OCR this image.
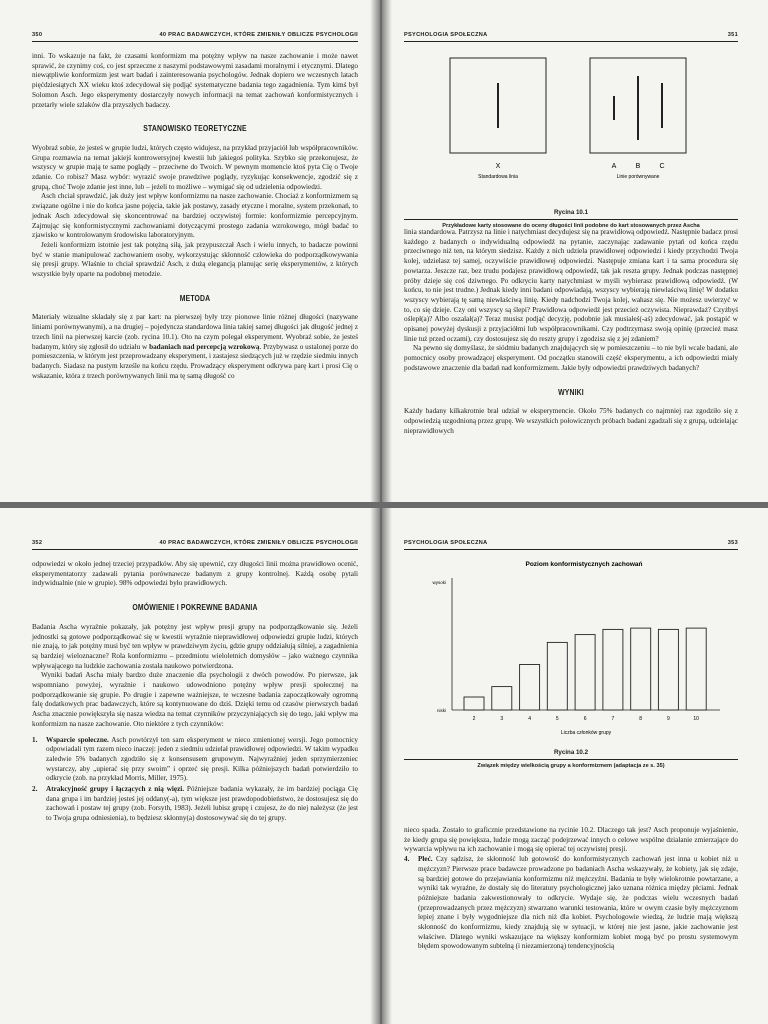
350	40 PRAC BADAWCZYCH, KTÓRE ZMIENIŁY OBLICZE PSYCHOLOGII

inni. To wskazuje na fakt, że czasami konformizm ma potężny wpływ na nasze zachowanie i może nawet sprawić, że czynimy coś, co jest sprzeczne z naszymi podstawowymi zasadami moralnymi i etycznymi. Dlatego niewątpliwie konformizm jest wart badań i zainteresowania psychologów. Jednak dopiero we wczesnych latach pięćdziesiątych XX wieku ktoś zdecydował się podjąć systematyczne badania tego zagadnienia. Tym kimś był Solomon Asch. Jego eksperymenty dostarczyły nowych informacji na temat zachowań konformistycznych i przetarły wiele szlaków dla przyszłych badaczy.

STANOWISKO TEORETYCZNE

Wyobraź sobie, że jesteś w grupie ludzi, których często widujesz, na przykład przyjaciół lub współpracowników. Grupa rozmawia na temat jakiejś kontrowersyjnej kwestii lub jakiegoś polityka. Szybko się przekonujesz, że wszyscy w grupie mają te same poglądy – przeciwne do Twoich. W pewnym momencie ktoś pyta Cię o Twoje zdanie. Co robisz? Masz wybór: wyrazić swoje prawdziwe poglądy, ryzykując konsekwencje, zgodzić się z grupą, choć Twoje zdanie jest inne, lub – jeżeli to możliwe – wymigać się od udzielenia odpowiedzi.

Asch chciał sprawdzić, jak duży jest wpływ konformizmu na nasze zachowanie. Chociaż z konformizmem są związane ogólne i nie do końca jasne pojęcia, takie jak postawy, zasady etyczne i moralne, system przekonań, to jednak Asch zdecydował się skoncentrować na bardziej oczywistej formie: konformizmie percepcyjnym. Zajmując się konformistycznymi zachowaniami dotyczącymi prostego zadania wzrokowego, mógł badać to zjawisko w kontrolowanym środowisku laboratoryjnym.

Jeżeli konformizm istotnie jest tak potężną siłą, jak przypuszczał Asch i wielu innych, to badacze powinni być w stanie manipulować zachowaniem osoby, wykorzystując skłonność człowieka do podporządkowywania się presji grupy. Właśnie to chciał sprawdzić Asch, z dużą elegancją planując serię eksperymentów, z których wszystkie były oparte na podobnej metodzie.

METODA

Materiały wizualne składały się z par kart: na pierwszej były trzy pionowe linie różnej długości (nazywane liniami porównywanymi), a na drugiej – pojedyncza standardowa linia takiej samej długości jak długość jednej z trzech linii na pierwszej karcie (zob. rycina 10.1). Oto na czym polegał eksperyment. Wyobraź sobie, że jesteś badanym, który się zgłosił do udziału w badaniach nad percepcją wzrokową. Przybywasz o ustalonej porze do pomieszczenia, w którym jest przeprowadzany eksperyment, i zastajesz siedzących już w rzędzie siedmiu innych badanych. Siadasz na pustym krześle na końcu rzędu. Prowadzący eksperyment odkrywa parę kart i prosi Cię o wskazanie, która z trzech porównywanych linii ma tę samą długość co

PSYCHOLOGIA SPOŁECZNA	351
X
Standardowa linia
A	B	C
Linie porównywane
Rycina 10.1
Przykładowe karty stosowane do oceny długości linii podobne do kart stosowanych przez Ascha

linia standardowa. Patrzysz na linie i natychmiast decydujesz się na prawidłową odpowiedź. Następnie badacz prosi każdego z badanych o indywidualną odpowiedź na pytanie, zaczynając zadawanie pytań od końca rzędu przeciwnego niż ten, na którym siedzisz. Każdy z nich udziela prawidłowej odpowiedzi i kiedy przychodzi Twoja kolej, udzielasz tej samej, oczywiście prawidłowej odpowiedzi. Następuje zmiana kart i ta sama procedura się powtarza. Jeszcze raz, bez trudu podajesz prawidłową odpowiedź, tak jak reszta grupy. Jednak podczas następnej próby dzieje się coś dziwnego. Po odkryciu karty natychmiast w myśli wybierasz prawidłową odpowiedź. (W końcu, to nie jest trudne.) Jednak kiedy inni badani odpowiadają, wszyscy wybierają niewłaściwą linię! W dodatku wszyscy wybierają tę samą niewłaściwą linię. Kiedy nadchodzi Twoja kolej, wahasz się. Nie możesz uwierzyć w to, co się dzieje. Czy oni wszyscy są ślepi? Prawidłowa odpowiedź jest przecież oczywista. Nieprawdaż? Czyżbyś oślepł(a)? Albo oszalał(a)? Teraz musisz podjąć decyzję, podobnie jak musiałeś(-aś) zdecydować, jak postąpić w opisanej powyżej dyskusji z przyjaciółmi lub współpracownikami. Czy podtrzymasz swoją opinię (przecież masz linie tuż przed oczami), czy dostosujesz się do reszty grupy i zgodzisz się z jej zdaniem?

Na pewno się domyślasz, że siódmiu badanych znajdujących się w pomieszczeniu – to nie byli wcale badani, ale pomocnicy osoby prowadzącej eksperyment. Od początku stanowili część eksperymentu, a ich odpowiedzi miały podstawowe znaczenie dla badań nad konformizmem. Jakie były odpowiedzi prawdziwych badanych?

WYNIKI

Każdy badany kilkakrotnie brał udział w eksperymencie. Około 75% badanych co najmniej raz zgodziło się z odpowiedzią uzgodnioną przez grupę. We wszystkich połowicznych próbach badani zgadzali się z grupą, udzielając nieprawidłowych

352	40 PRAC BADAWCZYCH, KTÓRE ZMIENIŁY OBLICZE PSYCHOLOGII

odpowiedzi w około jednej trzeciej przypadków. Aby się upewnić, czy długości linii można prawidłowo ocenić, eksperymentatorzy zadawali pytania porównawcze badanym z grupy kontrolnej. Każdą osobę pytali indywidualnie (nie w grupie). 98% odpowiedzi było prawidłowych.

OMÓWIENIE I POKREWNE BADANIA

Badania Ascha wyraźnie pokazały, jak potężny jest wpływ presji grupy na podporządkowanie się. Jeżeli jednostki są gotowe podporządkować się w kwestii wyraźnie nieprawidłowej odpowiedzi grupie ludzi, których nie znają, to jak potężny musi być ten wpływ w prawdziwym życiu, gdzie grupy oddziałują silniej, a zagadnienia są bardziej wieloznaczne? Rola konformizmu – przedmiotu wieloletnich domysłów – jako ważnego czynnika wpływającego na ludzkie zachowania została naukowo potwierdzona.

Wyniki badań Ascha miały bardzo duże znaczenie dla psychologii z dwóch powodów. Po pierwsze, jak wspomniano powyżej, wyraźnie i naukowo udowodniono potężny wpływ presji społecznej na podporządkowanie się grupie. Po drugie i zapewne ważniejsze, te wczesne badania zapoczątkowały ogromną falę dodatkowych prac badawczych, które są kontynuowane do dziś. Dzięki temu od czasów pierwszych badań Ascha znacznie powiększyła się nasza wiedza na temat czynników przyczyniających się do tego, jaki wpływ ma konformizm na nasze zachowanie. Oto niektóre z tych czynników:

1. Wsparcie społeczne. Asch powtórzył ten sam eksperyment w nieco zmienionej wersji. Jego pomocnicy odpowiadali tym razem nieco inaczej: jeden z siedmiu udzielał prawidłowej odpowiedzi. W takim wypadku zaledwie 5% badanych zgodziło się z konsensusem grupowym. Najwyraźniej jeden sprzymierzeniec wystarczy, aby „upierać się przy swoim” i oprzeć się presji. Kilka późniejszych badań potwierdziło to odkrycie (zob. na przykład Morris, Miller, 1975).
2. Atrakcyjność grupy i łączących z nią więzi. Późniejsze badania wykazały, że im bardziej pociąga Cię dana grupa i im bardziej jesteś jej oddany(-a), tym większe jest prawdopodobieństwo, że dostosujesz się do zachowań i postaw tej grupy (zob. Forsyth, 1983). Jeżeli lubisz grupę i czujesz, że do niej należysz (że jest to Twoja grupa odniesienia), to będziesz skłonny(a) dostosowywać się do tej grupy.
PSYCHOLOGIA SPOŁECZNA	353
Poziom konformistycznych zachowań
wysoki
niski
2	3	4	5	6	7	8	9	10
Liczba członków grupy
Rycina 10.2
Związek między wielkością grupy a konformizmem (adaptacja ze s. 35)

nieco spada. Zostało to graficznie przedstawione na rycinie 10.2. Dlaczego tak jest? Asch proponuje wyjaśnienie, że kiedy grupa się powiększa, ludzie mogą zacząć podejrzewać innych o celowe wspólne działanie zmierzające do wywarcia wpływu na ich zachowanie i mogą się opierać tej oczywistej presji.

4. Płeć. Czy sądzisz, że skłonność lub gotowość do konformistycznych zachowań jest inna u kobiet niż u mężczyzn? Pierwsze prace badawcze prowadzone po badaniach Ascha wskazywały, że kobiety, jak się zdaje, są bardziej gotowe do przejawiania konformizmu niż mężczyźni. Badania te były wielokrotnie powtarzane, a wyniki tak wyraźne, że dostały się do literatury psychologicznej jako uznana różnica między płciami. Jednak późniejsze badania zakwestionowały to odkrycie. Wydaje się, że podczas wielu wczesnych badań (przeprowadzanych przez mężczyzn) stwarzano warunki testowania, które w owym czasie były mężczyznom lepiej znane i były wygodniejsze dla nich niż dla kobiet. Psychologowie wiedzą, że ludzie mają większą skłonność do konformizmu, kiedy znajdują się w sytuacji, w której nie jest jasne, jakie zachowanie jest właściwe. Dlatego wyniki wskazujące na większy konformizm kobiet mogą być po prostu systemowym błędem spowodowanym subtelną (i niezamierzoną) tendencyjnością
